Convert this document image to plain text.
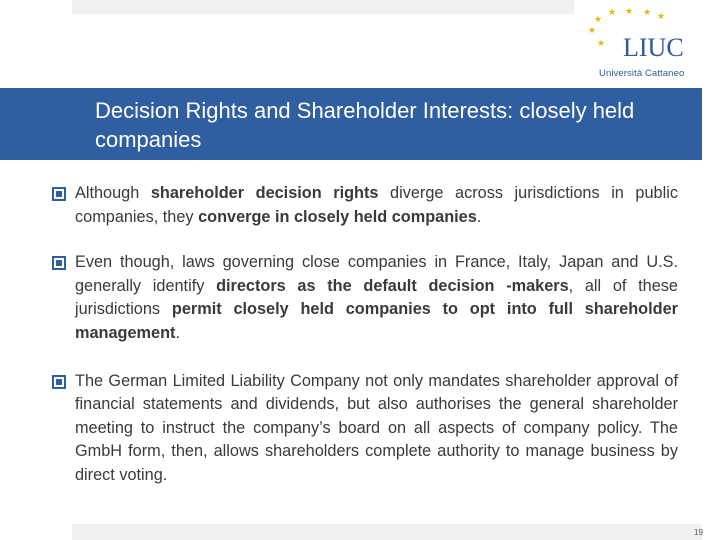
★ ★ ★ ★
★
★
★ LIUC
Università Cattaneo
Decision Rights and Shareholder Interests: closely held companies
Although shareholder decision rights diverge across jurisdictions in public companies, they converge in closely held companies.
Even though, laws governing close companies in France, Italy, Japan and U.S. generally identify directors as the default decision -makers, all of these jurisdictions permit closely held companies to opt into full shareholder management.
The German Limited Liability Company not only mandates shareholder approval of financial statements and dividends, but also authorises the general shareholder meeting to instruct the company’s board on all aspects of company policy. The GmbH form, then, allows shareholders complete authority to manage business by direct voting.
19
